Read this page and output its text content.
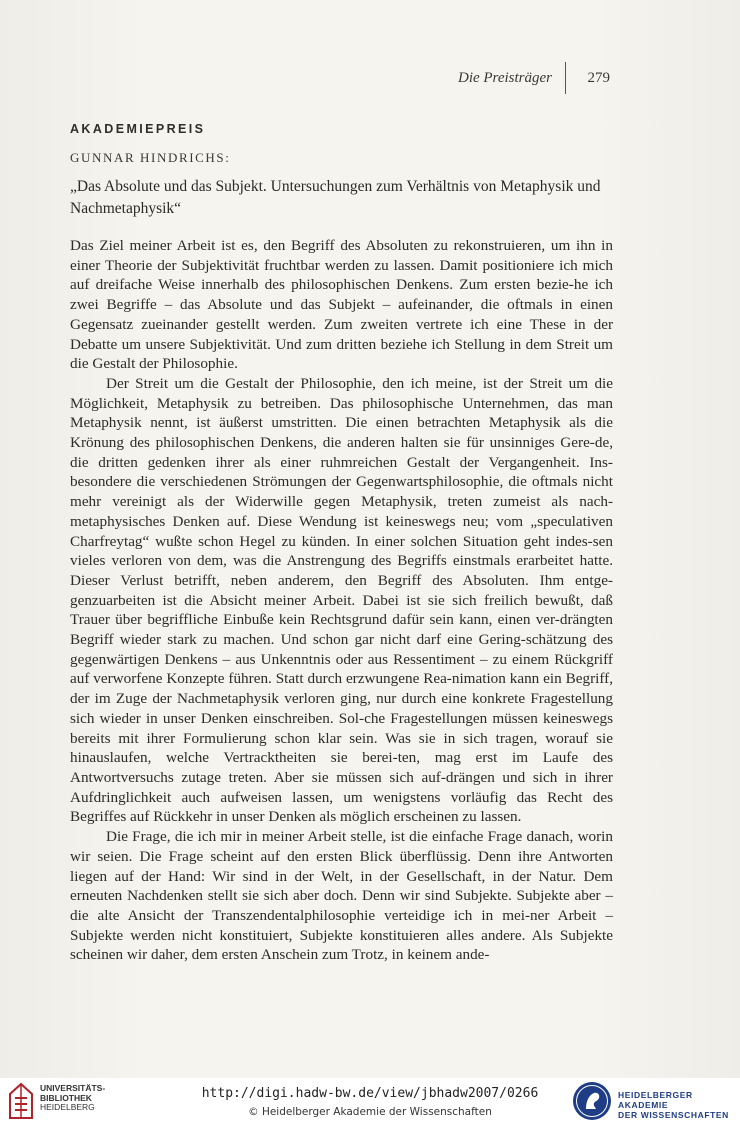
Die Preisträger 279
AKADEMIEPREIS
GUNNAR HINDRICHS:
„Das Absolute und das Subjekt. Untersuchungen zum Verhältnis von Metaphysik und Nachmetaphysik“

Das Ziel meiner Arbeit ist es, den Begriff des Absoluten zu rekonstruieren, um ihn in einer Theorie der Subjektivität fruchtbar werden zu lassen. Damit positioniere ich mich auf dreifache Weise innerhalb des philosophischen Denkens. Zum ersten bezie-he ich zwei Begriffe – das Absolute und das Subjekt – aufeinander, die oftmals in einen Gegensatz zueinander gestellt werden. Zum zweiten vertrete ich eine These in der Debatte um unsere Subjektivität. Und zum dritten beziehe ich Stellung in dem Streit um die Gestalt der Philosophie.

Der Streit um die Gestalt der Philosophie, den ich meine, ist der Streit um die Möglichkeit, Metaphysik zu betreiben. Das philosophische Unternehmen, das man Metaphysik nennt, ist äußerst umstritten. Die einen betrachten Metaphysik als die Krönung des philosophischen Denkens, die anderen halten sie für unsinniges Gere-de, die dritten gedenken ihrer als einer ruhmreichen Gestalt der Vergangenheit. Ins-besondere die verschiedenen Strömungen der Gegenwartsphilosophie, die oftmals nicht mehr vereinigt als der Widerwille gegen Metaphysik, treten zumeist als nach-metaphysisches Denken auf. Diese Wendung ist keineswegs neu; vom „speculativen Charfreytag“ wußte schon Hegel zu künden. In einer solchen Situation geht indes-sen vieles verloren von dem, was die Anstrengung des Begriffs einstmals erarbeitet hatte. Dieser Verlust betrifft, neben anderem, den Begriff des Absoluten. Ihm entge-genzuarbeiten ist die Absicht meiner Arbeit. Dabei ist sie sich freilich bewußt, daß Trauer über begriffliche Einbuße kein Rechtsgrund dafür sein kann, einen ver-drängten Begriff wieder stark zu machen. Und schon gar nicht darf eine Gering-schätzung des gegenwärtigen Denkens – aus Unkenntnis oder aus Ressentiment – zu einem Rückgriff auf verworfene Konzepte führen. Statt durch erzwungene Rea-nimation kann ein Begriff, der im Zuge der Nachmetaphysik verloren ging, nur durch eine konkrete Fragestellung sich wieder in unser Denken einschreiben. Sol-che Fragestellungen müssen keineswegs bereits mit ihrer Formulierung schon klar sein. Was sie in sich tragen, worauf sie hinauslaufen, welche Vertracktheiten sie berei-ten, mag erst im Laufe des Antwortversuchs zutage treten. Aber sie müssen sich auf-drängen und sich in ihrer Aufdringlichkeit auch aufweisen lassen, um wenigstens vorläufig das Recht des Begriffes auf Rückkehr in unser Denken als möglich erscheinen zu lassen.

Die Frage, die ich mir in meiner Arbeit stelle, ist die einfache Frage danach, worin wir seien. Die Frage scheint auf den ersten Blick überflüssig. Denn ihre Antworten liegen auf der Hand: Wir sind in der Welt, in der Gesellschaft, in der Natur. Dem erneuten Nachdenken stellt sie sich aber doch. Denn wir sind Subjekte. Subjekte aber – die alte Ansicht der Transzendentalphilosophie verteidige ich in mei-ner Arbeit – Subjekte werden nicht konstituiert, Subjekte konstituieren alles andere. Als Subjekte scheinen wir daher, dem ersten Anschein zum Trotz, in keinem ande-

UNIVERSITÄTS-
BIBLIOTHEK
HEIDELBERG
http://digi.hadw-bw.de/view/jbhadw2007/0266
© Heidelberger Akademie der Wissenschaften
HEIDELBERGER AKADEMIE
DER WISSENSCHAFTEN
